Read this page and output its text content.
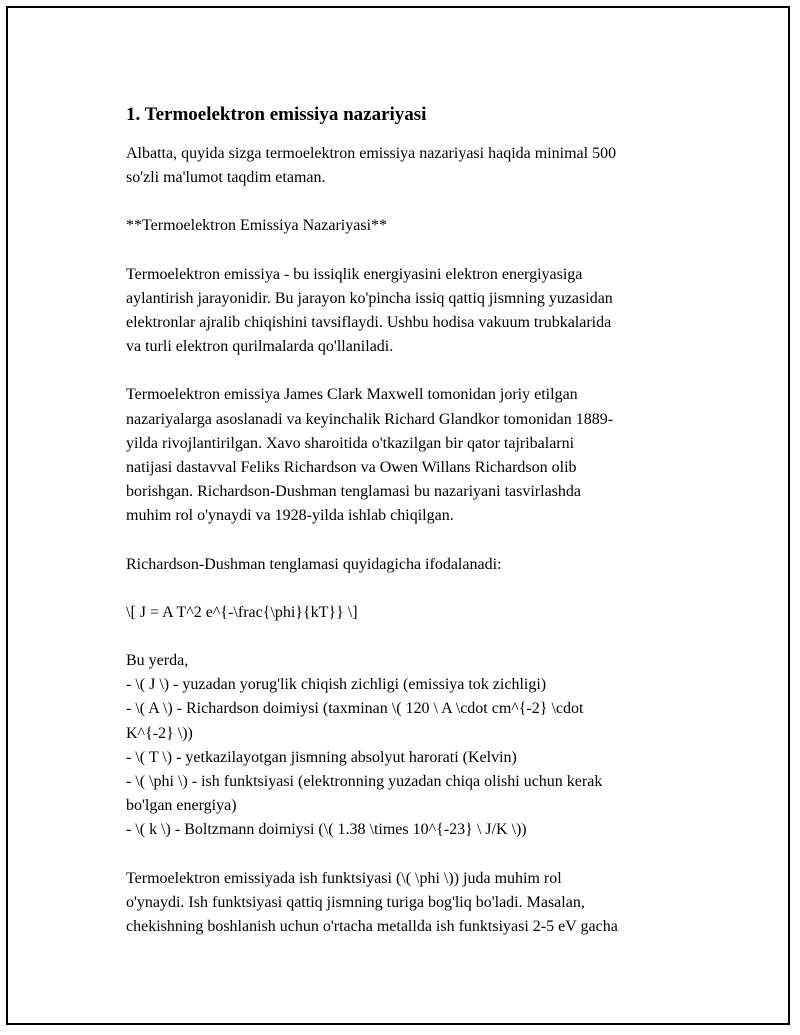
1. Termoelektron emissiya nazariyasi
Albatta, quyida sizga termoelektron emissiya nazariyasi haqida minimal 500
so'zli ma'lumot taqdim etaman.
**Termoelektron Emissiya Nazariyasi**
Termoelektron emissiya - bu issiqlik energiyasini elektron energiyasiga
aylantirish jarayonidir. Bu jarayon ko'pincha issiq qattiq jismning yuzasidan
elektronlar ajralib chiqishini tavsiflaydi. Ushbu hodisa vakuum trubkalarida
va turli elektron qurilmalarda qo'llaniladi.
Termoelektron emissiya James Clark Maxwell tomonidan joriy etilgan
nazariyalarga asoslanadi va keyinchalik Richard Glandkor tomonidan 1889-
yilda rivojlantirilgan. Xavo sharoitida o'tkazilgan bir qator tajribalarni
natijasi dastavval Feliks Richardson va Owen Willans Richardson olib
borishgan. Richardson-Dushman tenglamasi bu nazariyani tasvirlashda
muhim rol o'ynaydi va 1928-yilda ishlab chiqilgan.
Richardson-Dushman tenglamasi quyidagicha ifodalanadi:
\[ J = A T^2 e^{-\frac{\phi}{kT}} \]
Bu yerda,
- \( J \) - yuzadan yorug'lik chiqish zichligi (emissiya tok zichligi)
- \( A \) - Richardson doimiysi (taxminan \( 120 \ A \cdot cm^{-2} \cdot
K^{-2} \))
- \( T \) - yetkazilayotgan jismning absolyut harorati (Kelvin)
- \( \phi \) - ish funktsiyasi (elektronning yuzadan chiqa olishi uchun kerak
bo'lgan energiya)
- \( k \) - Boltzmann doimiysi (\( 1.38 \times 10^{-23} \ J/K \))
Termoelektron emissiyada ish funktsiyasi (\( \phi \)) juda muhim rol
o'ynaydi. Ish funktsiyasi qattiq jismning turiga bog'liq bo'ladi. Masalan,
chekishning boshlanish uchun o'rtacha metallda ish funktsiyasi 2-5 eV gacha
